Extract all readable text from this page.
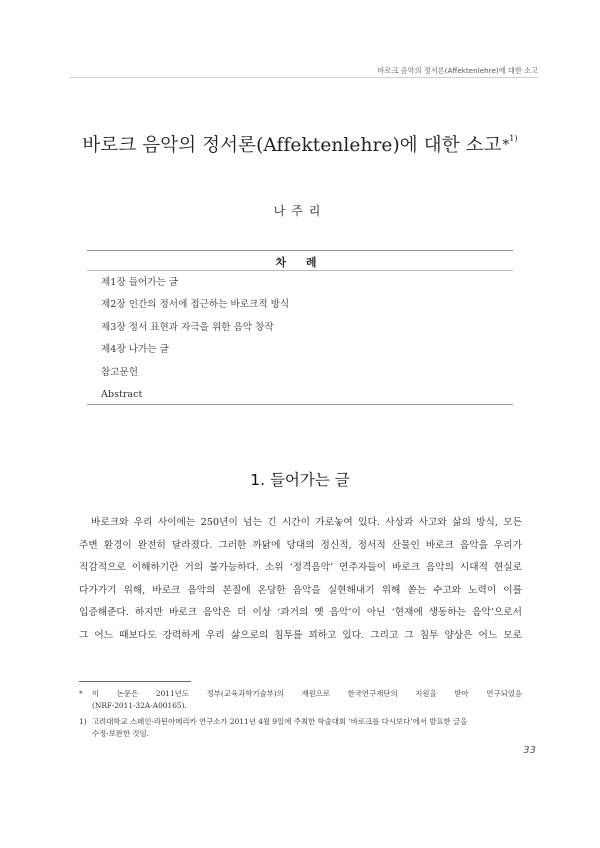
바로크 음악의 정서론(Affektenlehre)에 대한 소고
바로크 음악의 정서론(Affektenlehre)에 대한 소고*$^{1)}$
나주리
차 례
제1장 들어가는 글
제2장 인간의 정서에 접근하는 바로크적 방식
제3장 정서 표현과 자극을 위한 음악 창작
제4장 나가는 글
참고문헌
Abstract
1. 들어가는 글
바로크와 우리 사이에는 250년이 넘는 긴 시간이 가로놓여 있다. 사상과 사고와 삶의 방식, 모든
주변 환경이 완전히 달라졌다. 그러한 까닭에 당대의 정신적, 정서적 산물인 바로크 음악을 우리가
직감적으로 이해하기란 거의 불가능하다. 소위 ‘정격음악’ 연주자들이 바로크 음악의 시대적 현실로
다가가기 위해, 바로크 음악의 본질에 온당한 음악을 실현해내기 위해 쏟는 수고와 노력이 이를
입증해준다. 하지만 바로크 음악은 더 이상 ‘과거의 옛 음악’이 아닌 ‘현재에 생동하는 음악’으로서
그 어느 때보다도 강력하게 우리 삶으로의 침투를 꾀하고 있다. 그리고 그 침투 양상은 어느 모로
* 이 논문은 2011년도 정부(교육과학기술부)의 재원으로 한국연구재단의 지원을 받아 연구되었음
(NRF-2011-32A-A00165).
1) 고려대학교 스페인·라틴아메리카 연구소가 2011년 4월 9일에 주최한 학술대회 ‘바로크를 다시보다’에서 발표한 글을
수정·보완한 것임.
33
